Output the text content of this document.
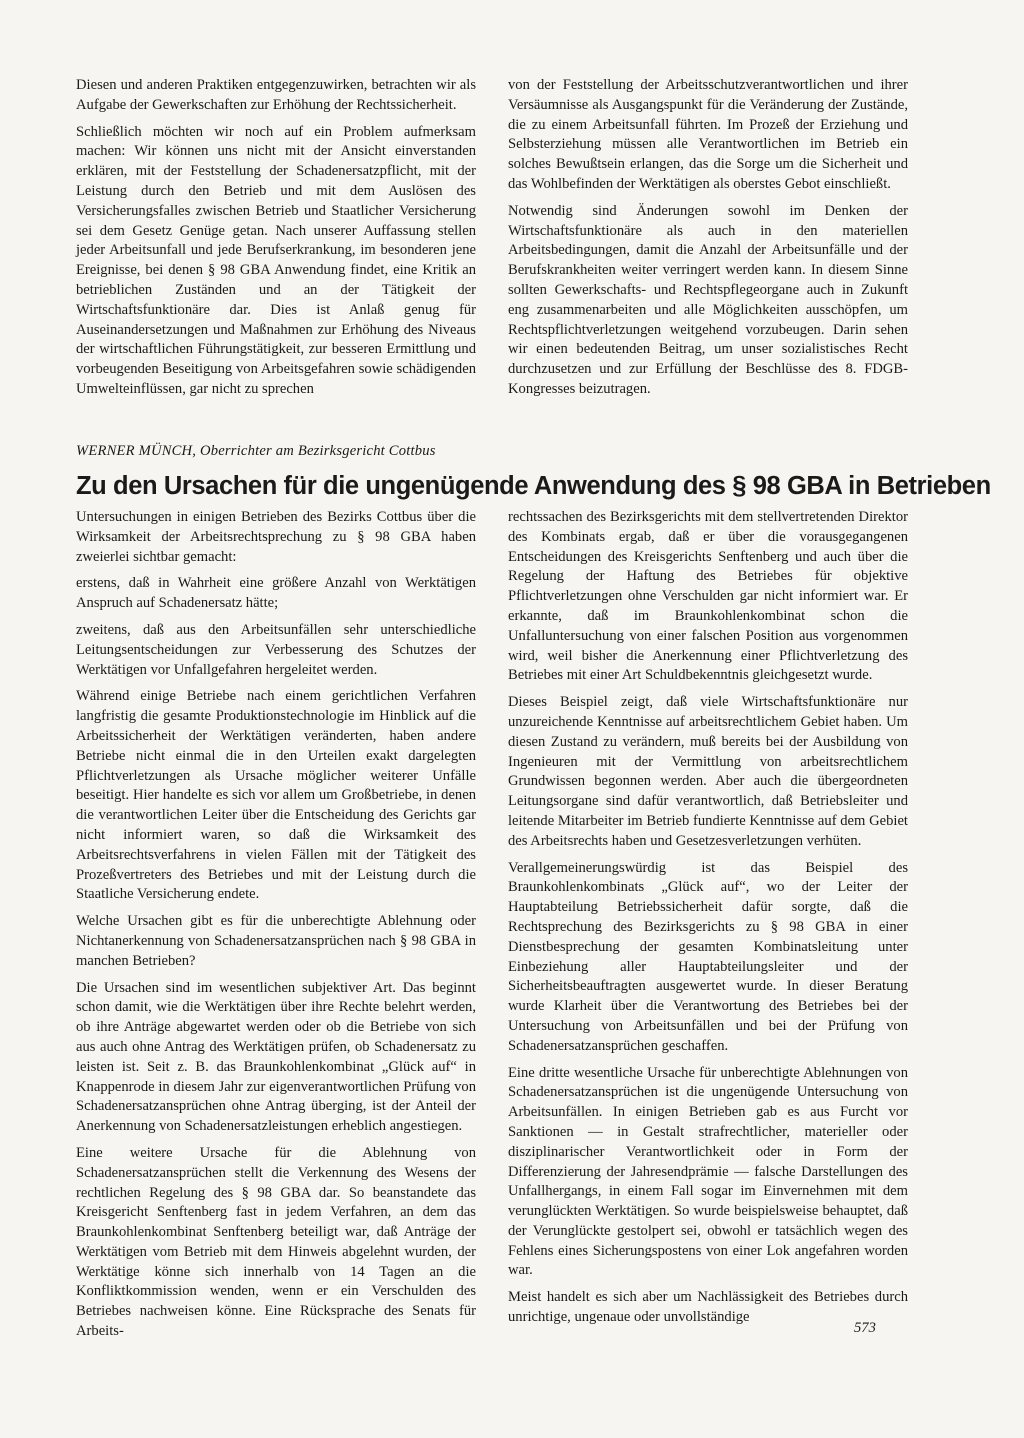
Diesen und anderen Praktiken entgegenzuwirken, betrachten wir als Aufgabe der Gewerkschaften zur Erhöhung der Rechtssicherheit.

Schließlich möchten wir noch auf ein Problem aufmerksam machen: Wir können uns nicht mit der Ansicht einverstanden erklären, mit der Feststellung der Schadenersatzpflicht, mit der Leistung durch den Betrieb und mit dem Auslösen des Versicherungsfalles zwischen Betrieb und Staatlicher Versicherung sei dem Gesetz Genüge getan. Nach unserer Auffassung stellen jeder Arbeitsunfall und jede Berufserkrankung, im besonderen jene Ereignisse, bei denen § 98 GBA Anwendung findet, eine Kritik an betrieblichen Zuständen und an der Tätigkeit der Wirtschaftsfunktionäre dar. Dies ist Anlaß genug für Auseinandersetzungen und Maßnahmen zur Erhöhung des Niveaus der wirtschaftlichen Führungstätigkeit, zur besseren Ermittlung und vorbeugenden Beseitigung von Arbeitsgefahren sowie schädigenden Umwelteinflüssen, gar nicht zu sprechen

von der Feststellung der Arbeitsschutzverantwortlichen und ihrer Versäumnisse als Ausgangspunkt für die Veränderung der Zustände, die zu einem Arbeitsunfall führten. Im Prozeß der Erziehung und Selbsterziehung müssen alle Verantwortlichen im Betrieb ein solches Bewußtsein erlangen, das die Sorge um die Sicherheit und das Wohlbefinden der Werktätigen als oberstes Gebot einschließt.

Notwendig sind Änderungen sowohl im Denken der Wirtschaftsfunktionäre als auch in den materiellen Arbeitsbedingungen, damit die Anzahl der Arbeitsunfälle und der Berufskrankheiten weiter verringert werden kann. In diesem Sinne sollten Gewerkschafts- und Rechtspflegeorgane auch in Zukunft eng zusammenarbeiten und alle Möglichkeiten ausschöpfen, um Rechtspflichtverletzungen weitgehend vorzubeugen. Darin sehen wir einen bedeutenden Beitrag, um unser sozialistisches Recht durchzusetzen und zur Erfüllung der Beschlüsse des 8. FDGB-Kongresses beizutragen.

WERNER MÜNCH, Oberrichter am Bezirksgericht Cottbus
Zu den Ursachen für die ungenügende Anwendung des § 98 GBA in Betrieben

Untersuchungen in einigen Betrieben des Bezirks Cottbus über die Wirksamkeit der Arbeitsrechtsprechung zu § 98 GBA haben zweierlei sichtbar gemacht:

erstens, daß in Wahrheit eine größere Anzahl von Werktätigen Anspruch auf Schadenersatz hätte;

zweitens, daß aus den Arbeitsunfällen sehr unterschiedliche Leitungsentscheidungen zur Verbesserung des Schutzes der Werktätigen vor Unfallgefahren hergeleitet werden.

Während einige Betriebe nach einem gerichtlichen Verfahren langfristig die gesamte Produktionstechnologie im Hinblick auf die Arbeitssicherheit der Werktätigen veränderten, haben andere Betriebe nicht einmal die in den Urteilen exakt dargelegten Pflichtverletzungen als Ursache möglicher weiterer Unfälle beseitigt. Hier handelte es sich vor allem um Großbetriebe, in denen die verantwortlichen Leiter über die Entscheidung des Gerichts gar nicht informiert waren, so daß die Wirksamkeit des Arbeitsrechtsverfahrens in vielen Fällen mit der Tätigkeit des Prozeßvertreters des Betriebes und mit der Leistung durch die Staatliche Versicherung endete.

Welche Ursachen gibt es für die unberechtigte Ablehnung oder Nichtanerkennung von Schadenersatzansprüchen nach § 98 GBA in manchen Betrieben?

Die Ursachen sind im wesentlichen subjektiver Art. Das beginnt schon damit, wie die Werktätigen über ihre Rechte belehrt werden, ob ihre Anträge abgewartet werden oder ob die Betriebe von sich aus auch ohne Antrag des Werktätigen prüfen, ob Schadenersatz zu leisten ist. Seit z. B. das Braunkohlenkombinat „Glück auf“ in Knappenrode in diesem Jahr zur eigenverantwortlichen Prüfung von Schadenersatzansprüchen ohne Antrag überging, ist der Anteil der Anerkennung von Schadenersatzleistungen erheblich angestiegen.

Eine weitere Ursache für die Ablehnung von Schadenersatzansprüchen stellt die Verkennung des Wesens der rechtlichen Regelung des § 98 GBA dar. So beanstandete das Kreisgericht Senftenberg fast in jedem Verfahren, an dem das Braunkohlenkombinat Senftenberg beteiligt war, daß Anträge der Werktätigen vom Betrieb mit dem Hinweis abgelehnt wurden, der Werktätige könne sich innerhalb von 14 Tagen an die Konfliktkommission wenden, wenn er ein Verschulden des Betriebes nachweisen könne. Eine Rücksprache des Senats für Arbeits-

rechtssachen des Bezirksgerichts mit dem stellvertretenden Direktor des Kombinats ergab, daß er über die vorausgegangenen Entscheidungen des Kreisgerichts Senftenberg und auch über die Regelung der Haftung des Betriebes für objektive Pflichtverletzungen ohne Verschulden gar nicht informiert war. Er erkannte, daß im Braunkohlenkombinat schon die Unfalluntersuchung von einer falschen Position aus vorgenommen wird, weil bisher die Anerkennung einer Pflichtverletzung des Betriebes mit einer Art Schuldbekenntnis gleichgesetzt wurde.

Dieses Beispiel zeigt, daß viele Wirtschaftsfunktionäre nur unzureichende Kenntnisse auf arbeitsrechtlichem Gebiet haben. Um diesen Zustand zu verändern, muß bereits bei der Ausbildung von Ingenieuren mit der Vermittlung von arbeitsrechtlichem Grundwissen begonnen werden. Aber auch die übergeordneten Leitungsorgane sind dafür verantwortlich, daß Betriebsleiter und leitende Mitarbeiter im Betrieb fundierte Kenntnisse auf dem Gebiet des Arbeitsrechts haben und Gesetzesverletzungen verhüten.

Verallgemeinerungswürdig ist das Beispiel des Braunkohlenkombinats „Glück auf“, wo der Leiter der Hauptabteilung Betriebssicherheit dafür sorgte, daß die Rechtsprechung des Bezirksgerichts zu § 98 GBA in einer Dienstbesprechung der gesamten Kombinatsleitung unter Einbeziehung aller Hauptabteilungsleiter und der Sicherheitsbeauftragten ausgewertet wurde. In dieser Beratung wurde Klarheit über die Verantwortung des Betriebes bei der Untersuchung von Arbeitsunfällen und bei der Prüfung von Schadenersatzansprüchen geschaffen.

Eine dritte wesentliche Ursache für unberechtigte Ablehnungen von Schadenersatzansprüchen ist die ungenügende Untersuchung von Arbeitsunfällen. In einigen Betrieben gab es aus Furcht vor Sanktionen — in Gestalt strafrechtlicher, materieller oder disziplinarischer Verantwortlichkeit oder in Form der Differenzierung der Jahresendprämie — falsche Darstellungen des Unfallhergangs, in einem Fall sogar im Einvernehmen mit dem verunglückten Werktätigen. So wurde beispielsweise behauptet, daß der Verunglückte gestolpert sei, obwohl er tatsächlich wegen des Fehlens eines Sicherungspostens von einer Lok angefahren worden war.

Meist handelt es sich aber um Nachlässigkeit des Betriebes durch unrichtige, ungenaue oder unvollständige

573
